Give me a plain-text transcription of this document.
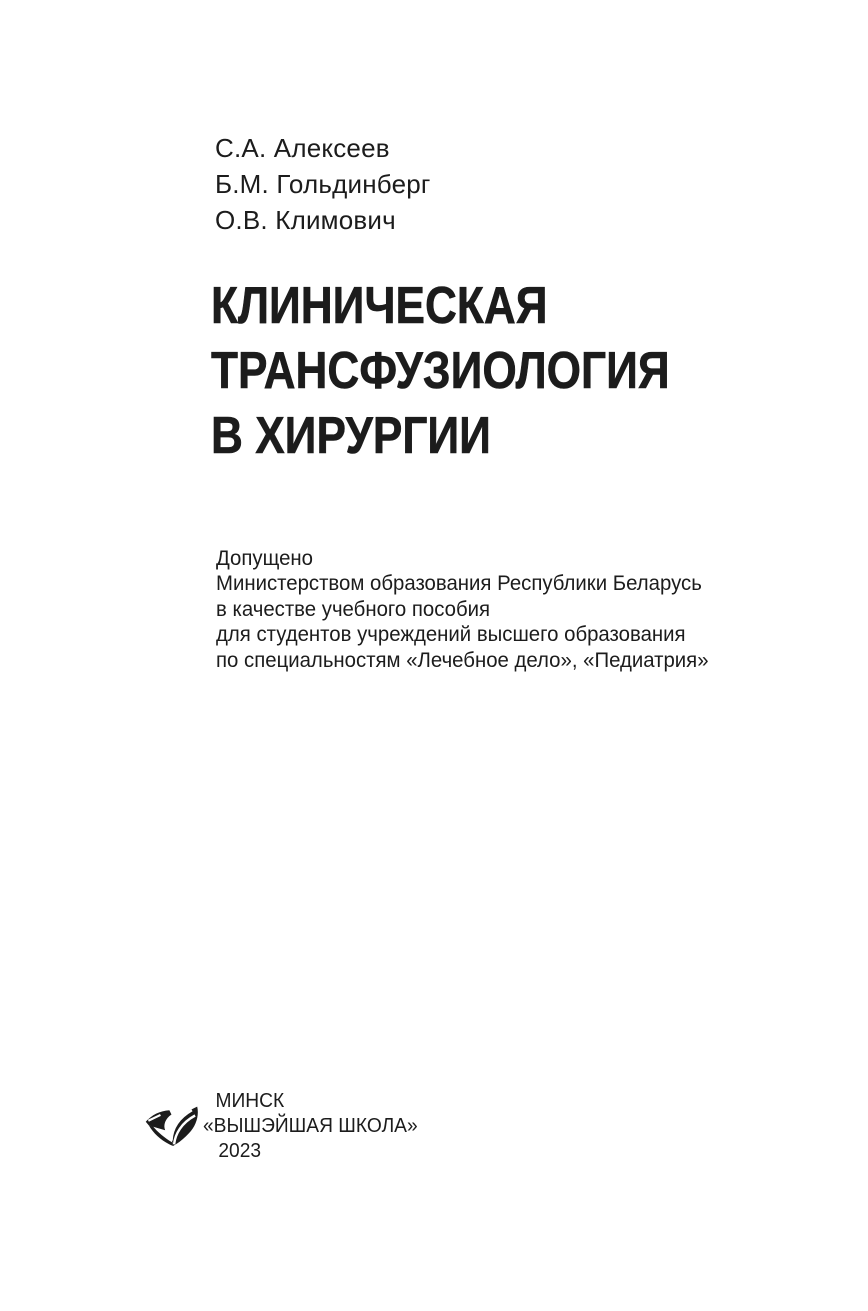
С.А. Алексеев
Б.М. Гольдинберг
О.В. Климович
КЛИНИЧЕСКАЯ
ТРАНСФУЗИОЛОГИЯ
В ХИРУРГИИ
Допущено
Министерством образования Республики Беларусь
в качестве учебного пособия
для студентов учреждений высшего образования
по специальностям «Лечебное дело», «Педиатрия»
МИНСК
«ВЫШЭЙШАЯ ШКОЛА»
2023
